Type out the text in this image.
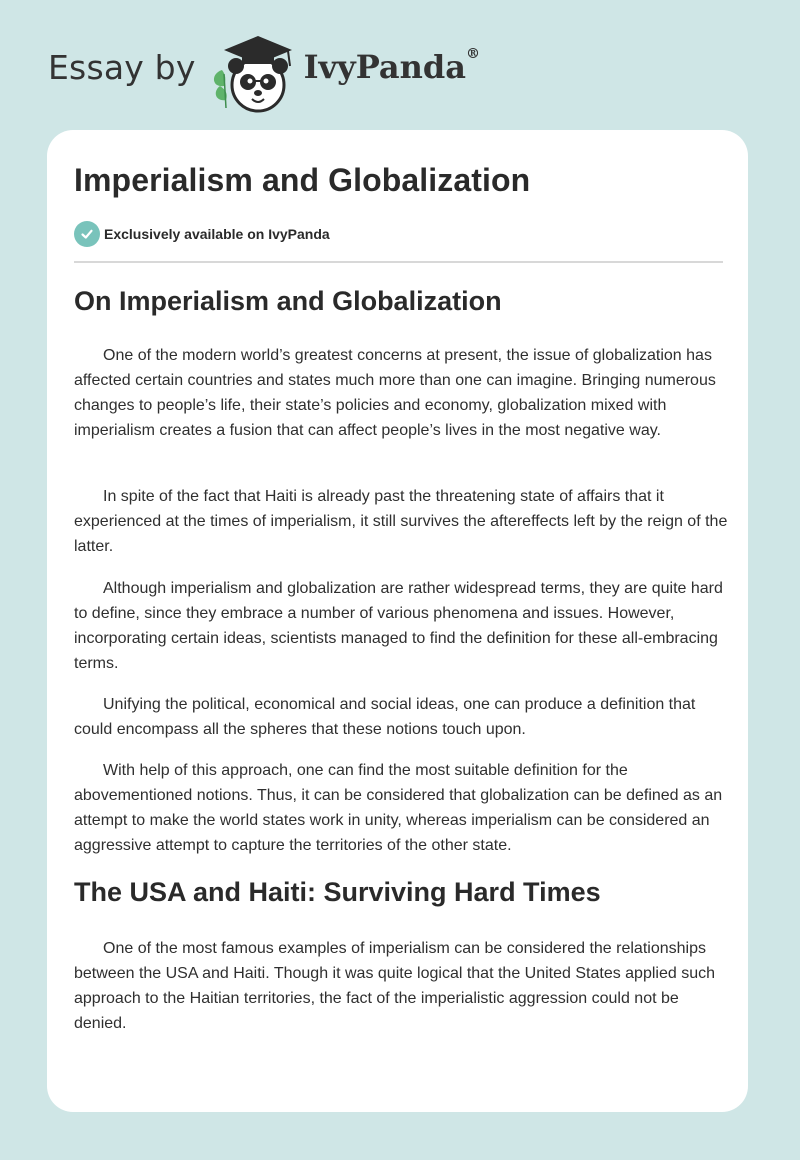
Essay by	IvyPanda®
Imperialism and Globalization
Exclusively available on IvyPanda
On Imperialism and Globalization

One of the modern world’s greatest concerns at present, the issue of globalization has affected certain countries and states much more than one can imagine. Bringing numerous changes to people’s life, their state’s policies and economy, globalization mixed with imperialism creates a fusion that can affect people’s lives in the most negative way.

In spite of the fact that Haiti is already past the threatening state of affairs that it experienced at the times of imperialism, it still survives the aftereffects left by the reign of the latter.

Although imperialism and globalization are rather widespread terms, they are quite hard to define, since they embrace a number of various phenomena and issues. However, incorporating certain ideas, scientists managed to find the definition for these all-embracing terms.

Unifying the political, economical and social ideas, one can produce a definition that could encompass all the spheres that these notions touch upon.

With help of this approach, one can find the most suitable definition for the abovementioned notions. Thus, it can be considered that globalization can be defined as an attempt to make the world states work in unity, whereas imperialism can be considered an aggressive attempt to capture the territories of the other state.

The USA and Haiti: Surviving Hard Times

One of the most famous examples of imperialism can be considered the relationships between the USA and Haiti. Though it was quite logical that the United States applied such approach to the Haitian territories, the fact of the imperialistic aggression could not be denied.
